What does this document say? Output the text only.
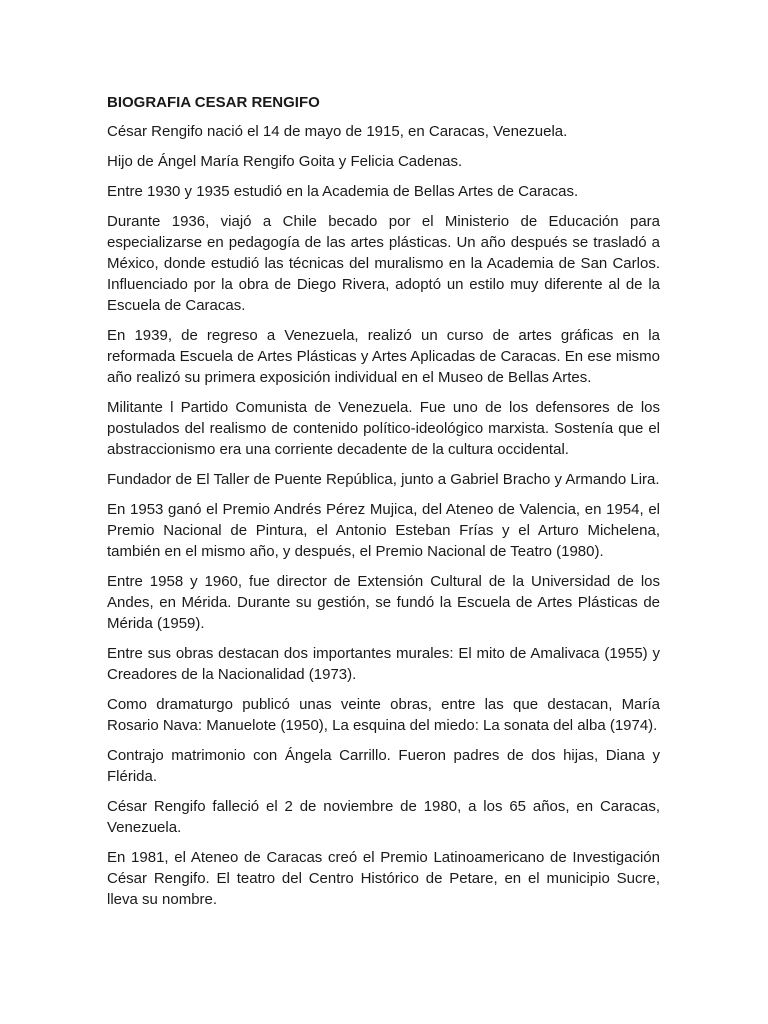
BIOGRAFIA CESAR RENGIFO

César Rengifo nació el 14 de mayo de 1915, en Caracas, Venezuela.

Hijo de Ángel María Rengifo Goita y Felicia Cadenas.

Entre 1930 y 1935 estudió en la Academia de Bellas Artes de Caracas.

Durante 1936, viajó a Chile becado por el Ministerio de Educación para especializarse en pedagogía de las artes plásticas. Un año después se trasladó a México, donde estudió las técnicas del muralismo en la Academia de San Carlos. Influenciado por la obra de Diego Rivera, adoptó un estilo muy diferente al de la Escuela de Caracas.

En 1939, de regreso a Venezuela, realizó un curso de artes gráficas en la reformada Escuela de Artes Plásticas y Artes Aplicadas de Caracas. En ese mismo año realizó su primera exposición individual en el Museo de Bellas Artes.

Militante l Partido Comunista de Venezuela. Fue uno de los defensores de los postulados del realismo de contenido político-ideológico marxista. Sostenía que el abstraccionismo era una corriente decadente de la cultura occidental.

Fundador de El Taller de Puente República, junto a Gabriel Bracho y Armando Lira.

En 1953 ganó el Premio Andrés Pérez Mujica, del Ateneo de Valencia, en 1954, el Premio Nacional de Pintura, el Antonio Esteban Frías y el Arturo Michelena, también en el mismo año, y después, el Premio Nacional de Teatro (1980).

Entre 1958 y 1960, fue director de Extensión Cultural de la Universidad de los Andes, en Mérida. Durante su gestión, se fundó la Escuela de Artes Plásticas de Mérida (1959).

Entre sus obras destacan dos importantes murales: El mito de Amalivaca (1955) y Creadores de la Nacionalidad (1973).

Como dramaturgo publicó unas veinte obras, entre las que destacan, María Rosario Nava: Manuelote (1950), La esquina del miedo: La sonata del alba (1974).

Contrajo matrimonio con Ángela Carrillo. Fueron padres de dos hijas, Diana y Flérida.

César Rengifo falleció el 2 de noviembre de 1980, a los 65 años, en Caracas, Venezuela.

En 1981, el Ateneo de Caracas creó el Premio Latinoamericano de Investigación César Rengifo. El teatro del Centro Histórico de Petare, en el municipio Sucre, lleva su nombre.
